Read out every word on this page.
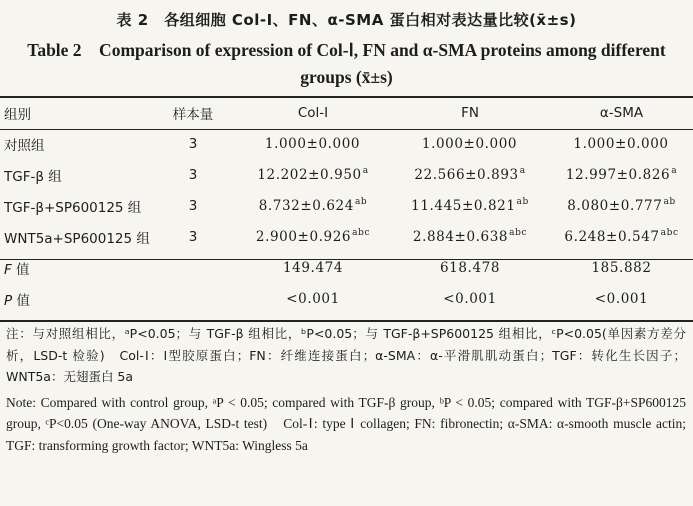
表 2　各组细胞 Col-Ⅰ、FN、α-SMA 蛋白相对表达量比较(x̄±s)
Table 2　Comparison of expression of Col-Ⅰ, FN and α-SMA proteins among different groups (x̄±s)
组别	样本量	Col-Ⅰ	FN	α-SMA
对照组	3	1.000±0.000	1.000±0.000	1.000±0.000
TGF-β 组	3	12.202±0.950$^a$	22.566±0.893$^a$	12.997±0.826$^a$
TGF-β+SP600125 组	3	8.732±0.624$^{ab}$	11.445±0.821$^{ab}$	8.080±0.777$^{ab}$
WNT5a+SP600125 组	3	2.900±0.926$^{abc}$	2.884±0.638$^{abc}$	6.248±0.547$^{abc}$
F 值		149.474	618.478	185.882
P 值		<0.001	<0.001	<0.001

注：与对照组相比，ᵃP<0.05；与 TGF-β 组相比，ᵇP<0.05；与 TGF-β+SP600125 组相比，ᶜP<0.05(单因素方差分析，LSD-t 检验)　Col-Ⅰ：Ⅰ型胶原蛋白；FN：纤维连接蛋白；α-SMA：α-平滑肌肌动蛋白；TGF：转化生长因子；WNT5a：无翅蛋白 5a

Note: Compared with control group, ᵃP < 0.05; compared with TGF-β group, ᵇP < 0.05; compared with TGF-β+SP600125 group, ᶜP<0.05 (One-way ANOVA, LSD-t test)　Col-Ⅰ: type Ⅰ collagen; FN: fibronectin; α-SMA: α-smooth muscle actin; TGF: transforming growth factor; WNT5a: Wingless 5a
